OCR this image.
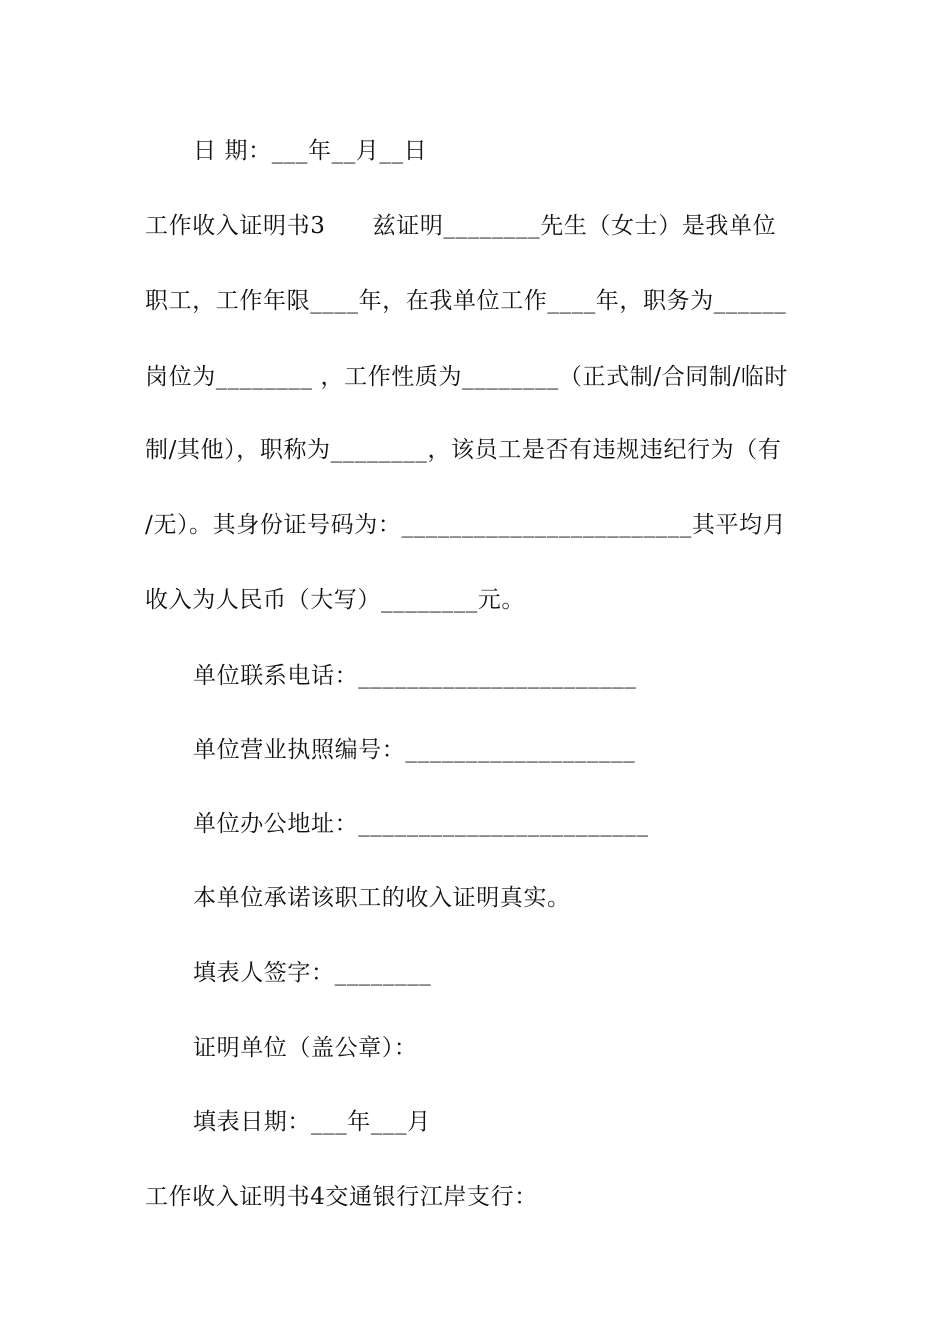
日 期：___年__月__日
工作收入证明书3　　兹证明________先生（女士）是我单位
职工，工作年限____年，在我单位工作____年，职务为______
岗位为________ ，工作性质为________（正式制/合同制/临时
制/其他），职称为________，该员工是否有违规违纪行为（有
/无）。其身份证号码为：________________________其平均月
收入为人民币（大写）________元。
单位联系电话：_______________________
单位营业执照编号：___________________
单位办公地址：________________________
本单位承诺该职工的收入证明真实。
填表人签字：________
证明单位（盖公章）：
填表日期：___年___月
工作收入证明书4交通银行江岸支行：
